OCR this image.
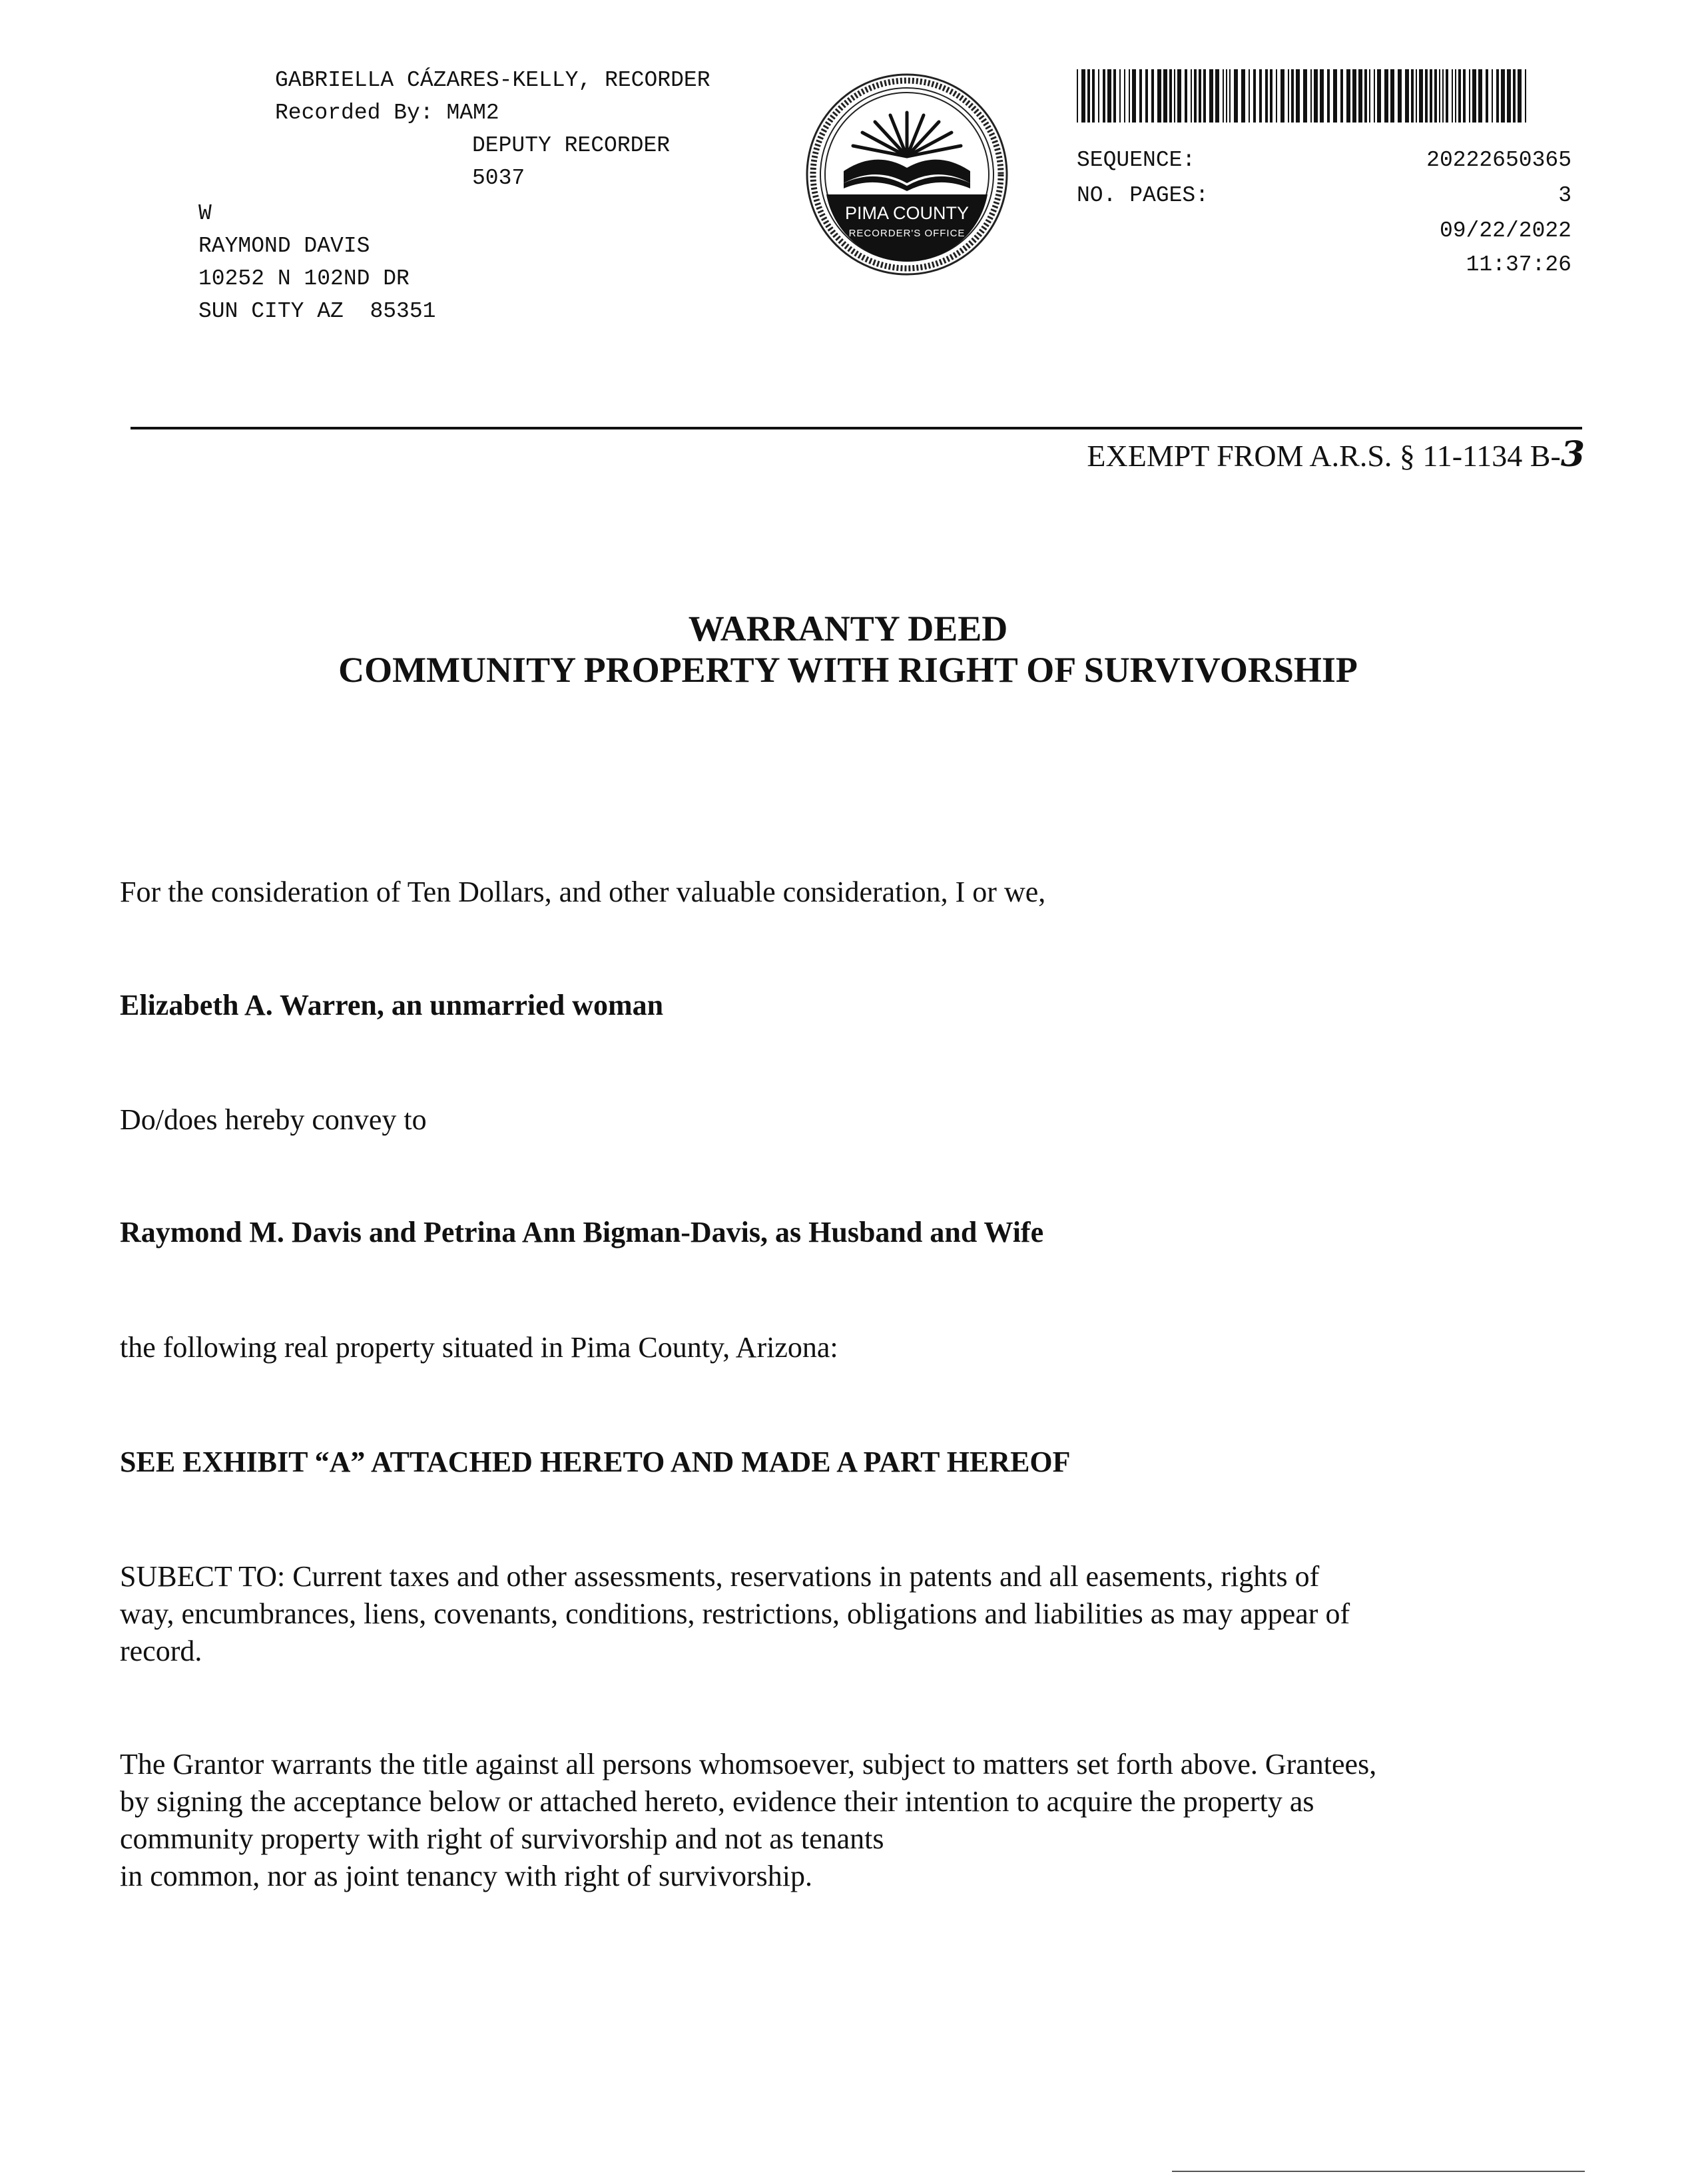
GABRIELLA CÁZARES-KELLY, RECORDER
Recorded By: MAM2
DEPUTY RECORDER
5037
W
RAYMOND DAVIS
10252 N 102ND DR
SUN CITY AZ  85351
PIMA COUNTY
RECORDER'S OFFICE
SEQUENCE:	20222650365
NO. PAGES:	3
09/22/2022
11:37:26
EXEMPT FROM A.R.S. § 11-1134 B-3
WARRANTY DEED
COMMUNITY PROPERTY WITH RIGHT OF SURVIVORSHIP
For the consideration of Ten Dollars, and other valuable consideration, I or we,
Elizabeth A. Warren, an unmarried woman
Do/does hereby convey to
Raymond M. Davis and Petrina Ann Bigman-Davis, as Husband and Wife
the following real property situated in Pima County, Arizona:
SEE EXHIBIT “A” ATTACHED HERETO AND MADE A PART HEREOF
SUBECT TO: Current taxes and other assessments, reservations in patents and all easements, rights of
way, encumbrances, liens, covenants, conditions, restrictions, obligations and liabilities as may appear of
record.
The Grantor warrants the title against all persons whomsoever, subject to matters set forth above. Grantees,
by signing the acceptance below or attached hereto, evidence their intention to acquire the property as
community property with right of survivorship and not as tenants
in common, nor as joint tenancy with right of survivorship.
